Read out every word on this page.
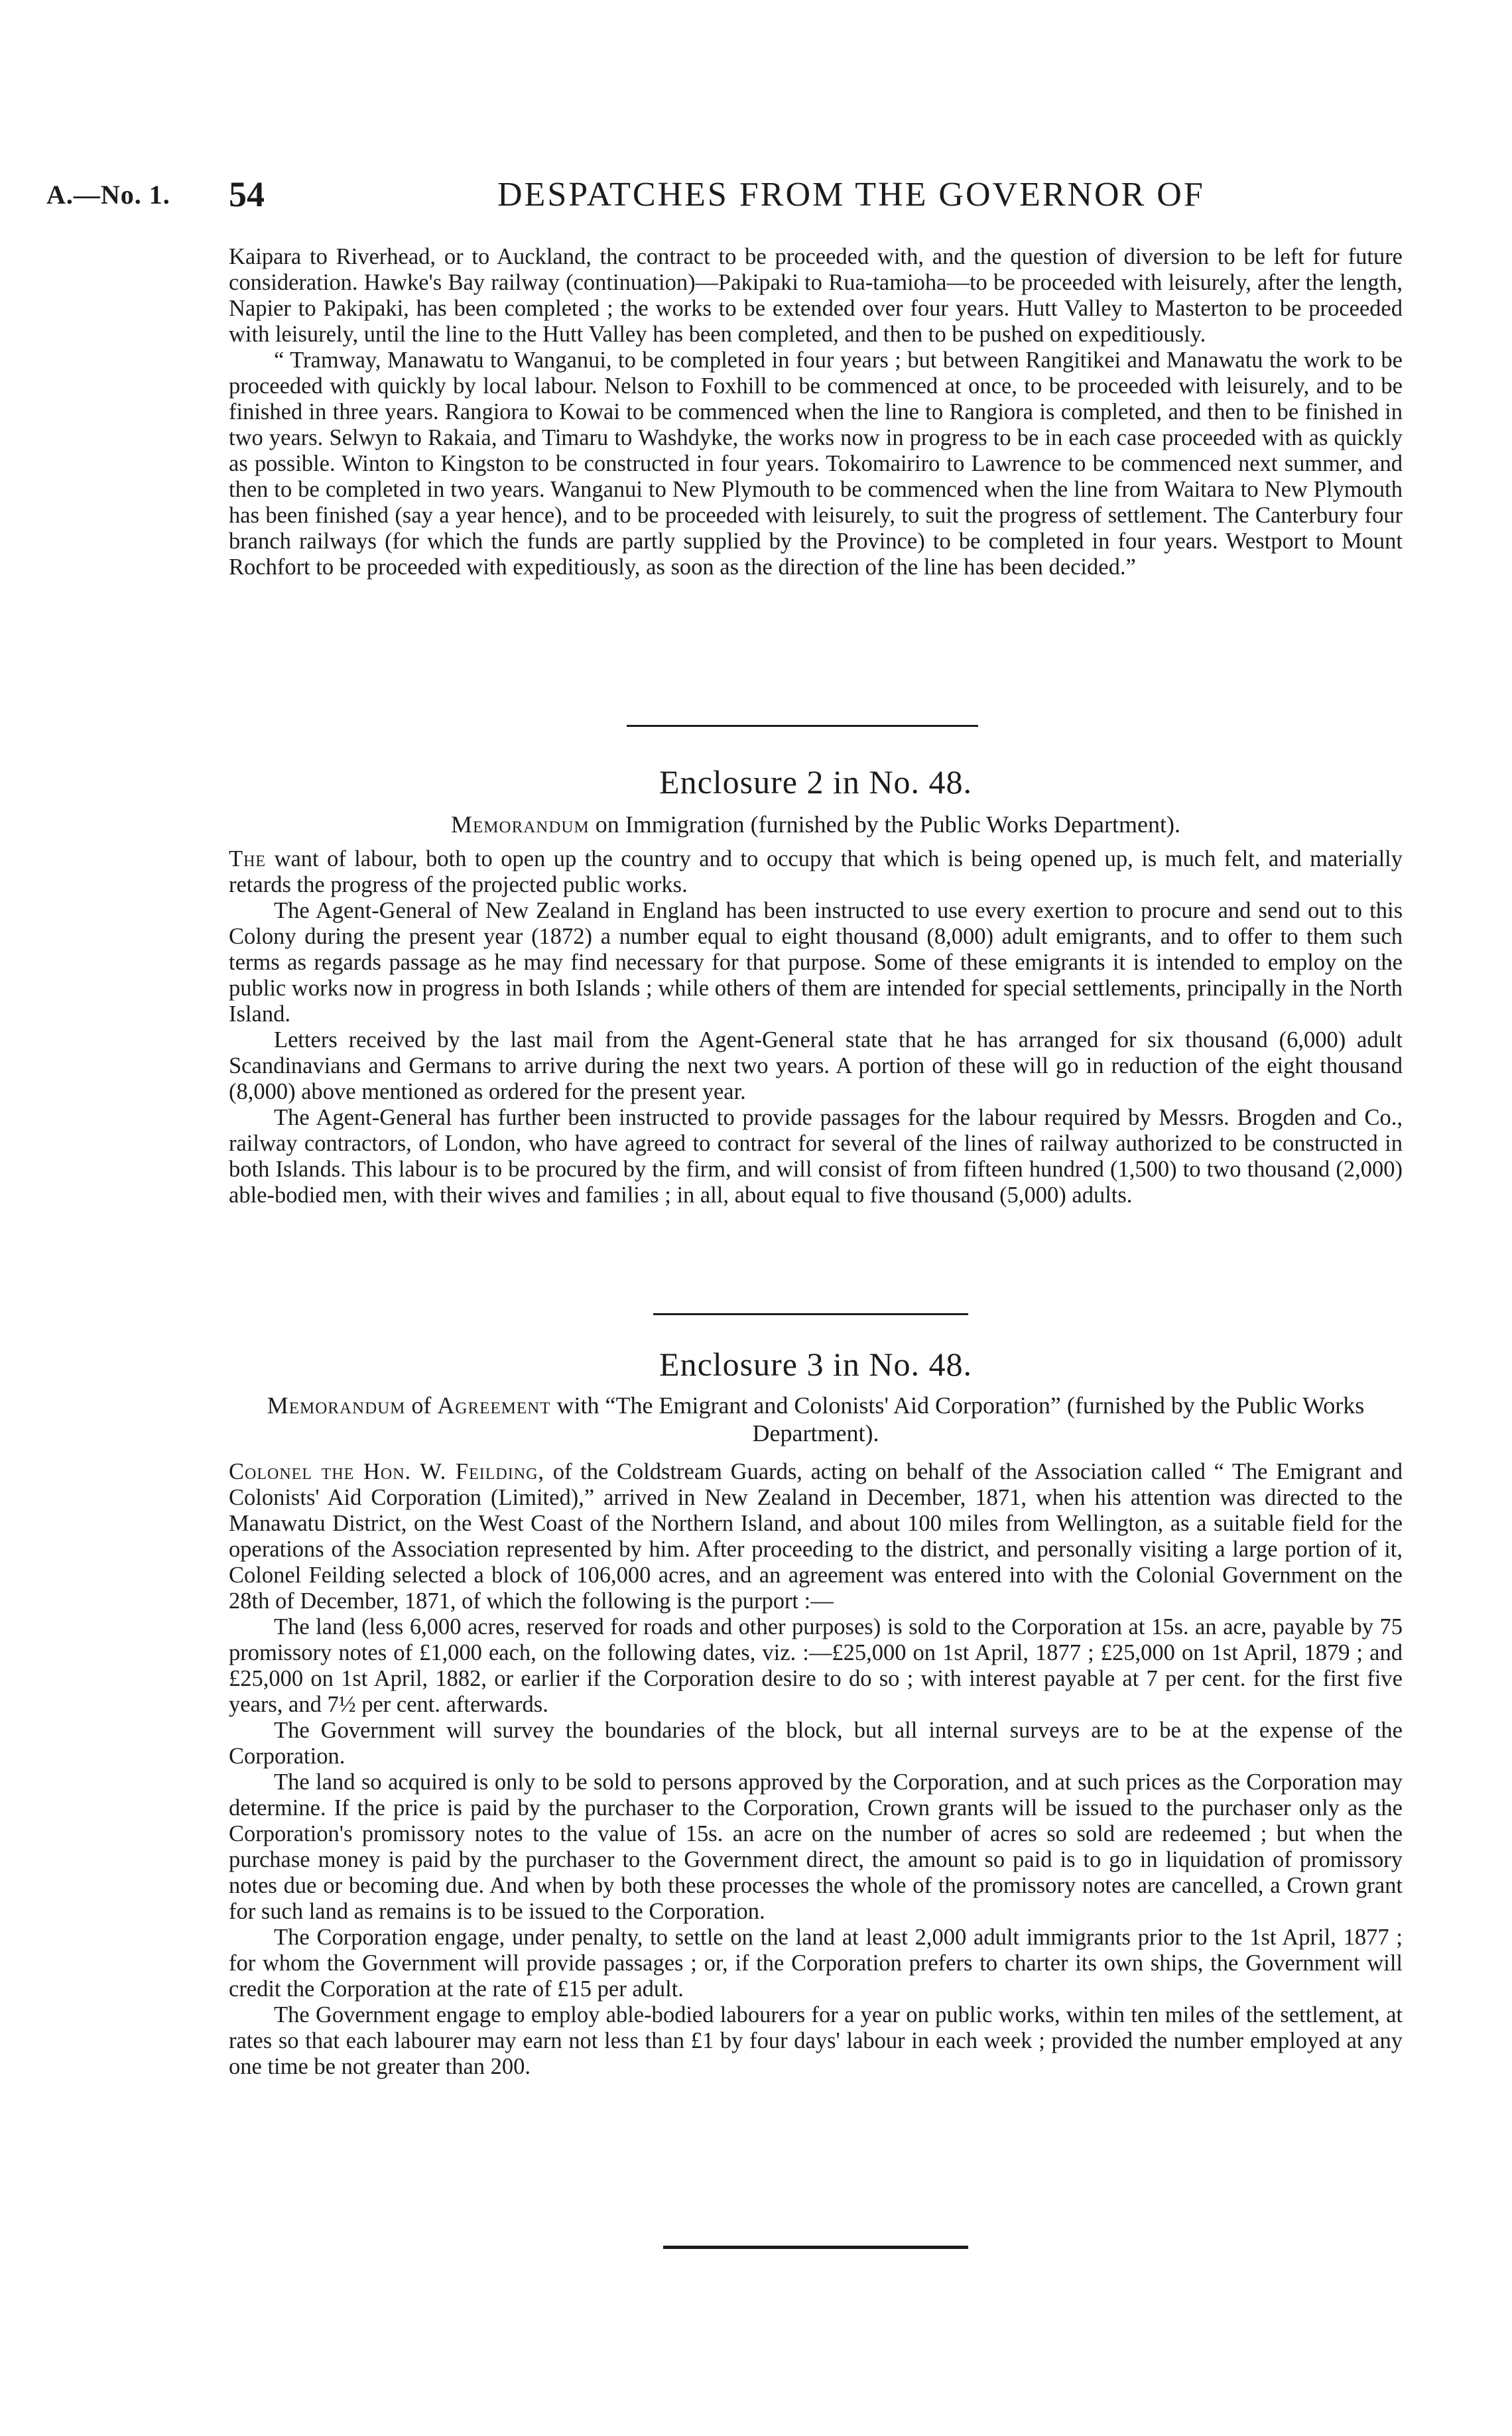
A.—No. 1. 54	DESPATCHES FROM THE GOVERNOR OF

Kaipara to Riverhead, or to Auckland, the contract to be proceeded with, and the question of diversion to be left for future consideration. Hawke's Bay railway (continuation)—Pakipaki to Rua-tamioha—to be proceeded with leisurely, after the length, Napier to Pakipaki, has been completed ; the works to be extended over four years. Hutt Valley to Masterton to be proceeded with leisurely, until the line to the Hutt Valley has been completed, and then to be pushed on expeditiously.

“ Tramway, Manawatu to Wanganui, to be completed in four years ; but between Rangitikei and Manawatu the work to be proceeded with quickly by local labour. Nelson to Foxhill to be commenced at once, to be proceeded with leisurely, and to be finished in three years. Rangiora to Kowai to be commenced when the line to Rangiora is completed, and then to be finished in two years. Selwyn to Rakaia, and Timaru to Washdyke, the works now in progress to be in each case proceeded with as quickly as possible. Winton to Kingston to be constructed in four years. Tokomairiro to Lawrence to be commenced next summer, and then to be completed in two years. Wanganui to New Plymouth to be commenced when the line from Waitara to New Plymouth has been finished (say a year hence), and to be proceeded with leisurely, to suit the progress of settlement. The Canterbury four branch railways (for which the funds are partly supplied by the Province) to be completed in four years. Westport to Mount Rochfort to be proceeded with expeditiously, as soon as the direction of the line has been decided.”

Enclosure 2 in No. 48.
Memorandum on Immigration (furnished by the Public Works Department).

The want of labour, both to open up the country and to occupy that which is being opened up, is much felt, and materially retards the progress of the projected public works.

The Agent-General of New Zealand in England has been instructed to use every exertion to procure and send out to this Colony during the present year (1872) a number equal to eight thousand (8,000) adult emigrants, and to offer to them such terms as regards passage as he may find necessary for that purpose. Some of these emigrants it is intended to employ on the public works now in progress in both Islands ; while others of them are intended for special settlements, principally in the North Island.

Letters received by the last mail from the Agent-General state that he has arranged for six thousand (6,000) adult Scandinavians and Germans to arrive during the next two years. A portion of these will go in reduction of the eight thousand (8,000) above mentioned as ordered for the present year.

The Agent-General has further been instructed to provide passages for the labour required by Messrs. Brogden and Co., railway contractors, of London, who have agreed to contract for several of the lines of railway authorized to be constructed in both Islands. This labour is to be procured by the firm, and will consist of from fifteen hundred (1,500) to two thousand (2,000) able-bodied men, with their wives and families ; in all, about equal to five thousand (5,000) adults.

Enclosure 3 in No. 48.
Memorandum of Agreement with “The Emigrant and Colonists' Aid Corporation” (furnished by the Public Works Department).

Colonel the Hon. W. Feilding, of the Coldstream Guards, acting on behalf of the Association called “ The Emigrant and Colonists' Aid Corporation (Limited),” arrived in New Zealand in December, 1871, when his attention was directed to the Manawatu District, on the West Coast of the Northern Island, and about 100 miles from Wellington, as a suitable field for the operations of the Association represented by him. After proceeding to the district, and personally visiting a large portion of it, Colonel Feilding selected a block of 106,000 acres, and an agreement was entered into with the Colonial Government on the 28th of December, 1871, of which the following is the purport :—

The land (less 6,000 acres, reserved for roads and other purposes) is sold to the Corporation at 15s. an acre, payable by 75 promissory notes of £1,000 each, on the following dates, viz. :—£25,000 on 1st April, 1877 ; £25,000 on 1st April, 1879 ; and £25,000 on 1st April, 1882, or earlier if the Corporation desire to do so ; with interest payable at 7 per cent. for the first five years, and 7½ per cent. afterwards.

The Government will survey the boundaries of the block, but all internal surveys are to be at the expense of the Corporation.

The land so acquired is only to be sold to persons approved by the Corporation, and at such prices as the Corporation may determine. If the price is paid by the purchaser to the Corporation, Crown grants will be issued to the purchaser only as the Corporation's promissory notes to the value of 15s. an acre on the number of acres so sold are redeemed ; but when the purchase money is paid by the purchaser to the Government direct, the amount so paid is to go in liquidation of promissory notes due or becoming due. And when by both these processes the whole of the promissory notes are cancelled, a Crown grant for such land as remains is to be issued to the Corporation.

The Corporation engage, under penalty, to settle on the land at least 2,000 adult immigrants prior to the 1st April, 1877 ; for whom the Government will provide passages ; or, if the Corporation prefers to charter its own ships, the Government will credit the Corporation at the rate of £15 per adult.

The Government engage to employ able-bodied labourers for a year on public works, within ten miles of the settlement, at rates so that each labourer may earn not less than £1 by four days' labour in each week ; provided the number employed at any one time be not greater than 200.
